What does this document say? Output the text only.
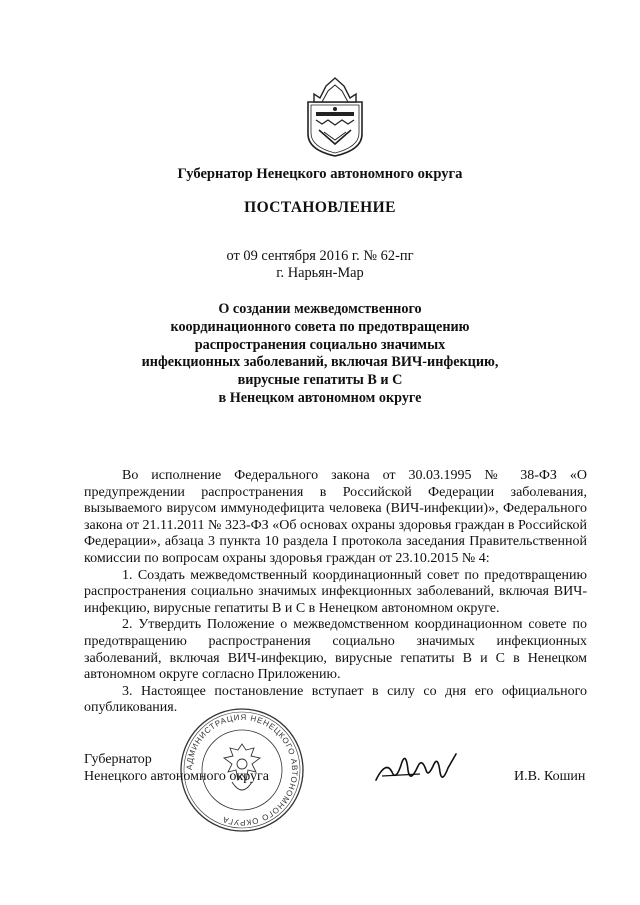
Губернатор Ненецкого автономного округа
ПОСТАНОВЛЕНИЕ
от 09 сентября 2016 г. № 62-пг
г. Нарьян-Мар
О создании межведомственного
координационного совета по предотвращению
распространения социально значимых
инфекционных заболеваний, включая ВИЧ-инфекцию,
вирусные гепатиты В и С
в Ненецком автономном округе

Во исполнение Федерального закона от 30.03.1995 № 38-ФЗ «О предупреждении распространения в Российской Федерации заболевания, вызываемого вирусом иммунодефицита человека (ВИЧ-инфекции)», Федерального закона от 21.11.2011 № 323-ФЗ «Об основах охраны здоровья граждан в Российской Федерации», абзаца 3 пункта 10 раздела I протокола заседания Правительственной комиссии по вопросам охраны здоровья граждан от 23.10.2015 № 4:

1. Создать межведомственный координационный совет по предотвращению распространения социально значимых инфекционных заболеваний, включая ВИЧ-инфекцию, вирусные гепатиты В и С в Ненецком автономном округе.

2. Утвердить Положение о межведомственном координационном совете по предотвращению распространения социально значимых инфекционных заболеваний, включая ВИЧ-инфекцию, вирусные гепатиты В и С в Ненецком автономном округе согласно Приложению.

3. Настоящее постановление вступает в силу со дня его официального опубликования.

АДМИНИСТРАЦИЯ НЕНЕЦКОГО АВТОНОМНОГО ОКРУГА
Губернатор
Ненецкого автономного округа	И.В. Кошин
